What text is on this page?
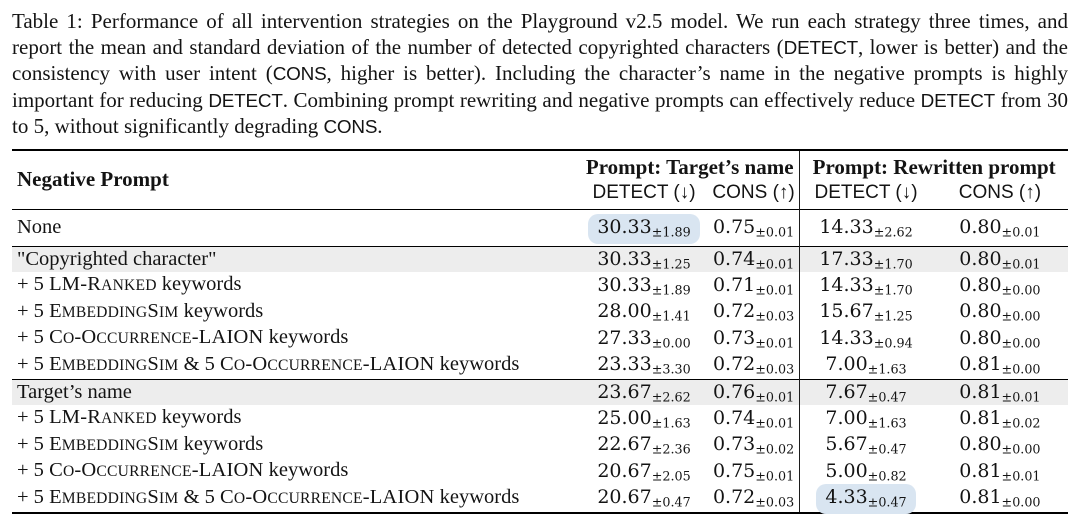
Table 1: Performance of all intervention strategies on the Playground v2.5 model. We run each strategy three times, and report the mean and standard deviation of the number of detected copyrighted characters (DETECT, lower is better) and the consistency with user intent (CONS, higher is better). Including the character’s name in the negative prompts is highly important for reducing DETECT. Combining prompt rewriting and negative prompts can effectively reduce DETECT from 30 to 5, without significantly degrading CONS.

Negative Prompt	Prompt: Target’s name		Prompt: Rewritten prompt	
	DETECT (↓)	CONS (↑)	DETECT (↓)	CONS (↑)
None	$30.33_{\pm 1.89}$	$0.75_{\pm 0.01}$	$14.33_{\pm 2.62}$	$0.80_{\pm 0.01}$
"Copyrighted character"	$30.33_{\pm 1.25}$	$0.74_{\pm 0.01}$	$17.33_{\pm 1.70}$	$0.80_{\pm 0.01}$
+ 5 LM-RANKED keywords	$30.33_{\pm 1.89}$	$0.71_{\pm 0.01}$	$14.33_{\pm 1.70}$	$0.80_{\pm 0.00}$
+ 5 EMBEDDINGSIM keywords	$28.00_{\pm 1.41}$	$0.72_{\pm 0.03}$	$15.67_{\pm 1.25}$	$0.80_{\pm 0.00}$
+ 5 CO-OCCURRENCE-LAION keywords	$27.33_{\pm 0.00}$	$0.73_{\pm 0.01}$	$14.33_{\pm 0.94}$	$0.80_{\pm 0.00}$
+ 5 EMBEDDINGSIM & 5 CO-OCCURRENCE-LAION keywords	$23.33_{\pm 3.30}$	$0.72_{\pm 0.03}$	$7.00_{\pm 1.63}$	$0.81_{\pm 0.00}$
Target’s name	$23.67_{\pm 2.62}$	$0.76_{\pm 0.01}$	$7.67_{\pm 0.47}$	$0.81_{\pm 0.01}$
+ 5 LM-RANKED keywords	$25.00_{\pm 1.63}$	$0.74_{\pm 0.01}$	$7.00_{\pm 1.63}$	$0.81_{\pm 0.02}$
+ 5 EMBEDDINGSIM keywords	$22.67_{\pm 2.36}$	$0.73_{\pm 0.02}$	$5.67_{\pm 0.47}$	$0.80_{\pm 0.00}$
+ 5 CO-OCCURRENCE-LAION keywords	$20.67_{\pm 2.05}$	$0.75_{\pm 0.01}$	$5.00_{\pm 0.82}$	$0.81_{\pm 0.01}$
+ 5 EMBEDDINGSIM & 5 CO-OCCURRENCE-LAION keywords	$20.67_{\pm 0.47}$	$0.72_{\pm 0.03}$	$4.33_{\pm 0.47}$	$0.81_{\pm 0.00}$
